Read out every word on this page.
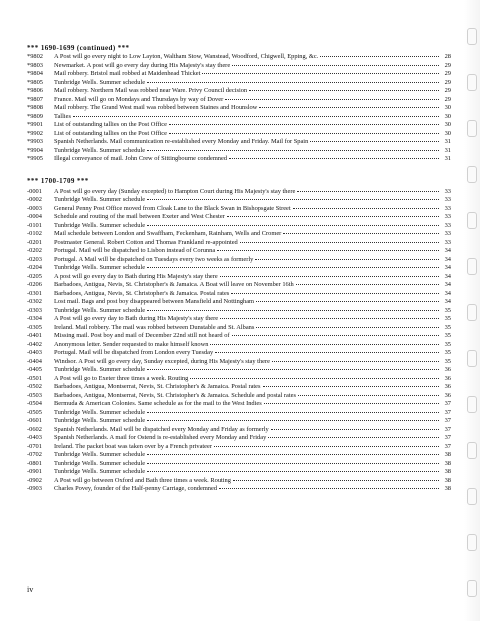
*** 1690-1699 (continued) ***
*9802	A Post will go every night to Low Layton, Waltham Stow, Wanstead, Woodford, Chigwell, Epping, &c.	28
*9803	Newmarket. A post will go every day during His Majesty's stay there	29
*9804	Mail robbery. Bristol mail robbed at Maidenhead Thicket	29
*9805	Tunbridge Wells. Summer schedule	29
*9806	Mail robbery. Northern Mail was robbed near Ware. Privy Council decision	29
*9807	France. Mail will go on Mondays and Thursdays by way of Dover	29
*9808	Mail robbery. The Grand West mail was robbed between Staines and Hounslow	30
*9809	Tallies	30
*9901	List of outstanding tallies on the Post Office	30
*9902	List of outstanding tallies on the Post Office	30
*9903	Spanish Netherlands. Mail communication re-established every Monday and Friday. Mail for Spain	31
*9904	Tunbridge Wells. Summer schedule	31
*9905	Illegal conveyance of mail. John Crew of Sittingbourne condemned	31
*** 1700-1709 ***
-0001	A Post will go every day (Sunday excepted) to Hampton Court during His Majesty's stay there	33
-0002	Tunbridge Wells. Summer schedule	33
-0003	General Penny Post Office moved from Cloak Lane to the Black Swan in Bishopsgate Street	33
-0004	Schedule and routing of the mail between Exeter and West Chester	33
-0101	Tunbridge Wells. Summer schedule	33
-0102	Mail schedule between London and Swaffham, Feckenham, Rainham, Wells and Cromer	33
-0201	Postmaster General. Robert Cotton and Thomas Frankland re-appointed	33
-0202	Portugal. Mail will be dispatched to Lisbon instead of Corunna	34
-0203	Portugal. A Mail will be dispatched on Tuesdays every two weeks as formerly	34
-0204	Tunbridge Wells. Summer schedule	34
-0205	A post will go every day to Bath during His Majesty's stay there	34
-0206	Barbadoes, Antigua, Nevis, St. Christopher's & Jamaica. A Boat will leave on November 16th	34
-0301	Barbadoes, Antigua, Nevis, St. Christopher's & Jamaica. Postal rates	34
-0302	Lost mail. Bags and post boy disappeared between Mansfield and Nottingham	34
-0303	Tunbridge Wells. Summer schedule	35
-0304	A Post will go every day to Bath during His Majesty's stay there	35
-0305	Ireland. Mail robbery. The mail was robbed between Dunstable and St. Albans	35
-0401	Missing mail. Post boy and mail of December 22nd still not heard of	35
-0402	Anonymous letter. Sender requested to make himself known	35
-0403	Portugal. Mail will be dispatched from London every Tuesday	35
-0404	Windsor. A Post will go every day, Sunday excepted, during His Majesty's stay there	35
-0405	Tunbridge Wells. Summer schedule	36
-0501	A Post will go to Exeter three times a week. Routing	36
-0502	Barbadoes, Antigua, Montserrat, Nevis, St. Christopher's & Jamaica. Postal rates	36
-0503	Barbadoes, Antigua, Montserrat, Nevis, St. Christopher's & Jamaica. Schedule and postal rates	36
-0504	Bermuda & American Colonies. Same schedule as for the mail to the West Indies	37
-0505	Tunbridge Wells. Summer schedule	37
-0601	Tunbridge Wells. Summer schedule	37
-0602	Spanish Netherlands. Mail will be dispatched every Monday and Friday as formerly	37
-0403	Spanish Netherlands. A mail for Ostend is re-established every Monday and Friday	37
-0701	Ireland. The packet boat was taken over by a French privateer	37
-0702	Tunbridge Wells. Summer schedule	38
-0801	Tunbridge Wells. Summer schedule	38
-0901	Tunbridge Wells. Summer schedule	38
-0902	A Post will go between Oxford and Bath three times a week. Routing	38
-0903	Charles Povey, founder of the Half-penny Carriage, condemned	38
iv
